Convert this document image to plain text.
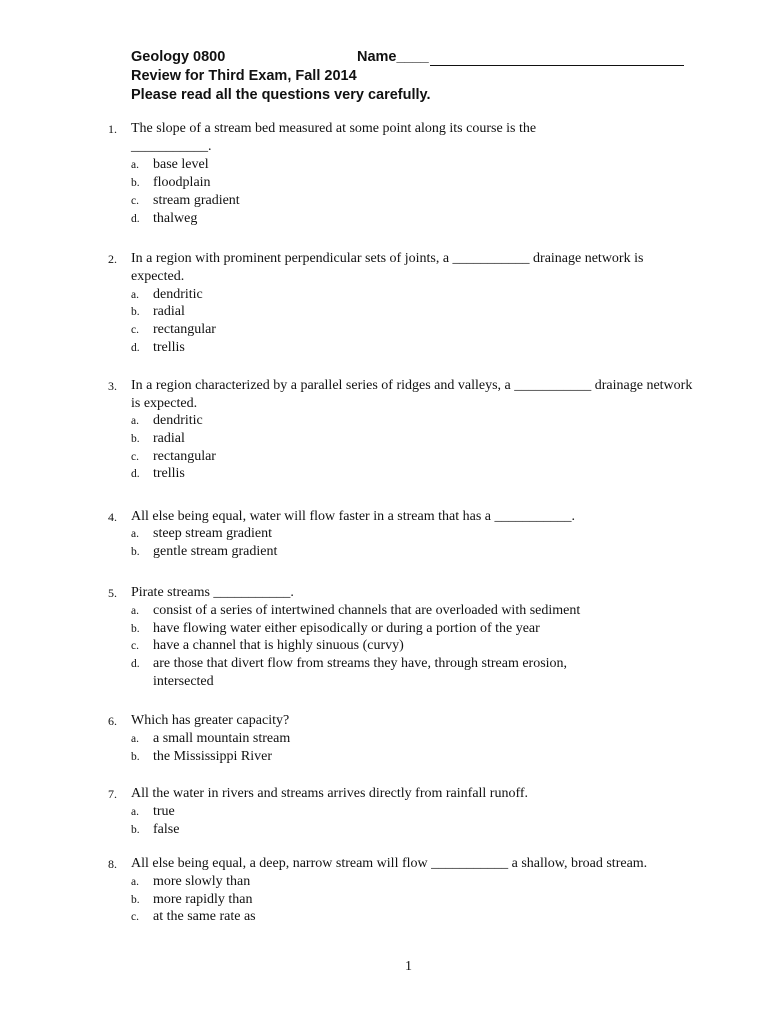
Geology 0800	Name____
Review for Third Exam, Fall 2014
Please read all the questions very carefully.
1. The slope of a stream bed measured at some point along its course is the
___________.
a. base level
b. floodplain
c. stream gradient
d. thalweg
2. In a region with prominent perpendicular sets of joints, a ___________ drainage network is expected.
a. dendritic
b. radial
c. rectangular
d. trellis
3. In a region characterized by a parallel series of ridges and valleys, a ___________ drainage network is expected.
a. dendritic
b. radial
c. rectangular
d. trellis
4. All else being equal, water will flow faster in a stream that has a ___________.
a. steep stream gradient
b. gentle stream gradient
5. Pirate streams ___________.
a. consist of a series of intertwined channels that are overloaded with sediment
b. have flowing water either episodically or during a portion of the year
c. have a channel that is highly sinuous (curvy)
d. are those that divert flow from streams they have, through stream erosion,
intersected
6. Which has greater capacity?
a. a small mountain stream
b. the Mississippi River
7. All the water in rivers and streams arrives directly from rainfall runoff.
a. true
b. false
8. All else being equal, a deep, narrow stream will flow ___________ a shallow, broad stream.
a. more slowly than
b. more rapidly than
c. at the same rate as
1
